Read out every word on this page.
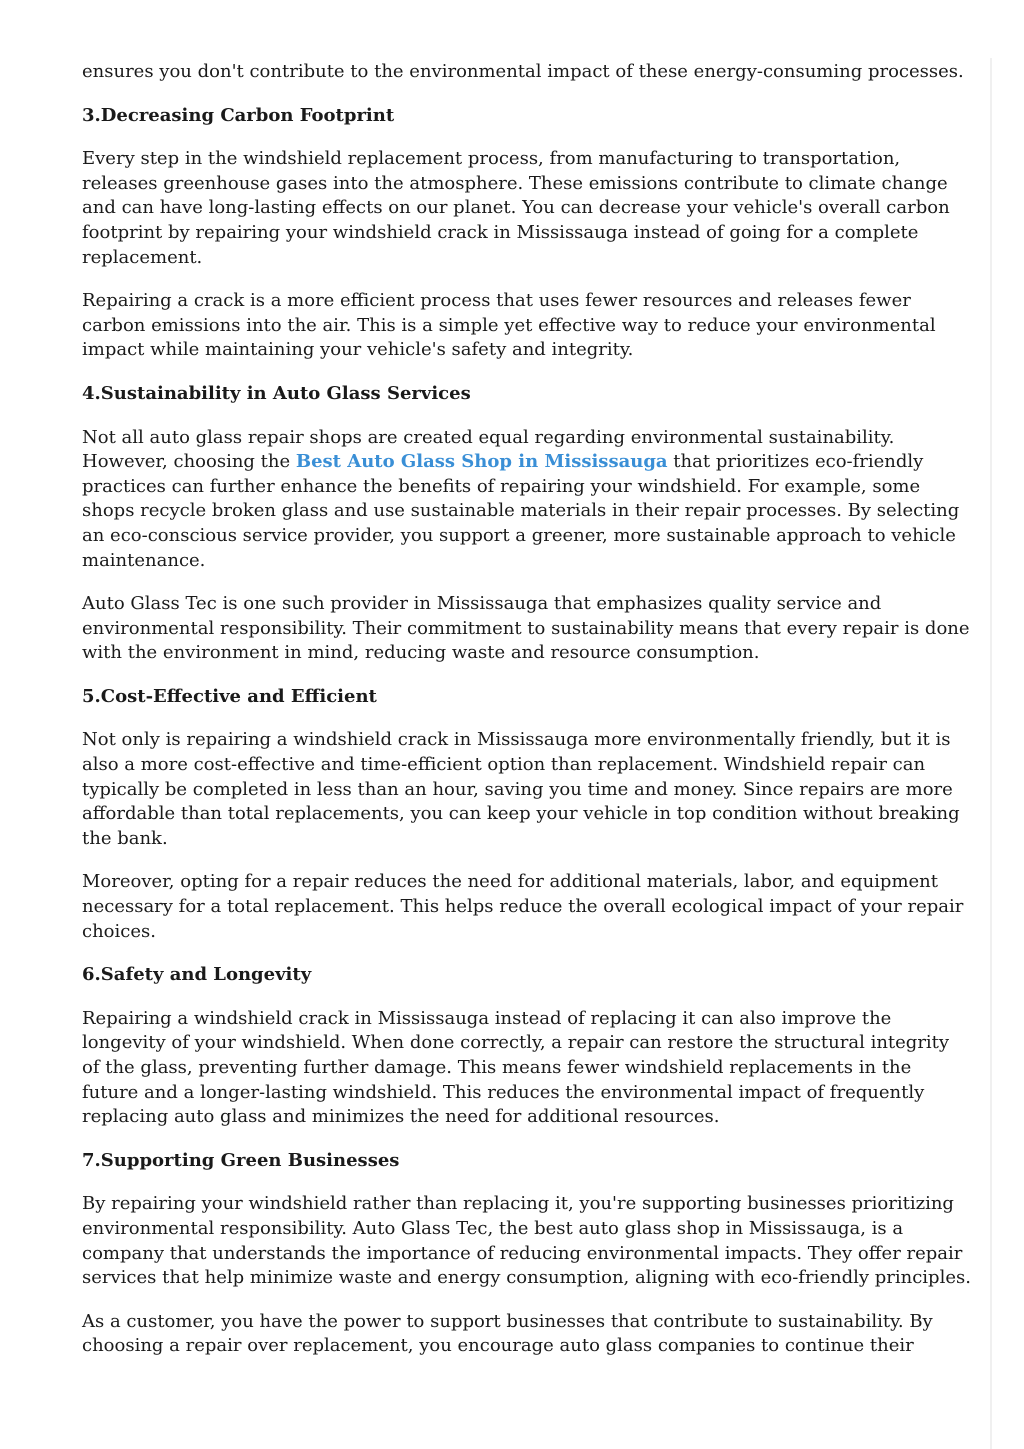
ensures you don't contribute to the environmental impact of these energy-consuming processes.

3.Decreasing Carbon Footprint

Every step in the windshield replacement process, from manufacturing to transportation, releases greenhouse gases into the atmosphere. These emissions contribute to climate change and can have long-lasting effects on our planet. You can decrease your vehicle's overall carbon footprint by repairing your windshield crack in Mississauga instead of going for a complete replacement.

Repairing a crack is a more efficient process that uses fewer resources and releases fewer carbon emissions into the air. This is a simple yet effective way to reduce your environmental impact while maintaining your vehicle's safety and integrity.

4.Sustainability in Auto Glass Services

Not all auto glass repair shops are created equal regarding environmental sustainability. However, choosing the Best Auto Glass Shop in Mississauga that prioritizes eco-friendly practices can further enhance the benefits of repairing your windshield. For example, some shops recycle broken glass and use sustainable materials in their repair processes. By selecting an eco-conscious service provider, you support a greener, more sustainable approach to vehicle maintenance.

Auto Glass Tec is one such provider in Mississauga that emphasizes quality service and environmental responsibility. Their commitment to sustainability means that every repair is done with the environment in mind, reducing waste and resource consumption.

5.Cost-Effective and Efficient

Not only is repairing a windshield crack in Mississauga more environmentally friendly, but it is also a more cost-effective and time-efficient option than replacement. Windshield repair can typically be completed in less than an hour, saving you time and money. Since repairs are more affordable than total replacements, you can keep your vehicle in top condition without breaking the bank.

Moreover, opting for a repair reduces the need for additional materials, labor, and equipment necessary for a total replacement. This helps reduce the overall ecological impact of your repair choices.

6.Safety and Longevity

Repairing a windshield crack in Mississauga instead of replacing it can also improve the longevity of your windshield. When done correctly, a repair can restore the structural integrity of the glass, preventing further damage. This means fewer windshield replacements in the future and a longer-lasting windshield. This reduces the environmental impact of frequently replacing auto glass and minimizes the need for additional resources.

7.Supporting Green Businesses

By repairing your windshield rather than replacing it, you're supporting businesses prioritizing environmental responsibility. Auto Glass Tec, the best auto glass shop in Mississauga, is a company that understands the importance of reducing environmental impacts. They offer repair services that help minimize waste and energy consumption, aligning with eco-friendly principles.

As a customer, you have the power to support businesses that contribute to sustainability. By choosing a repair over replacement, you encourage auto glass companies to continue their
